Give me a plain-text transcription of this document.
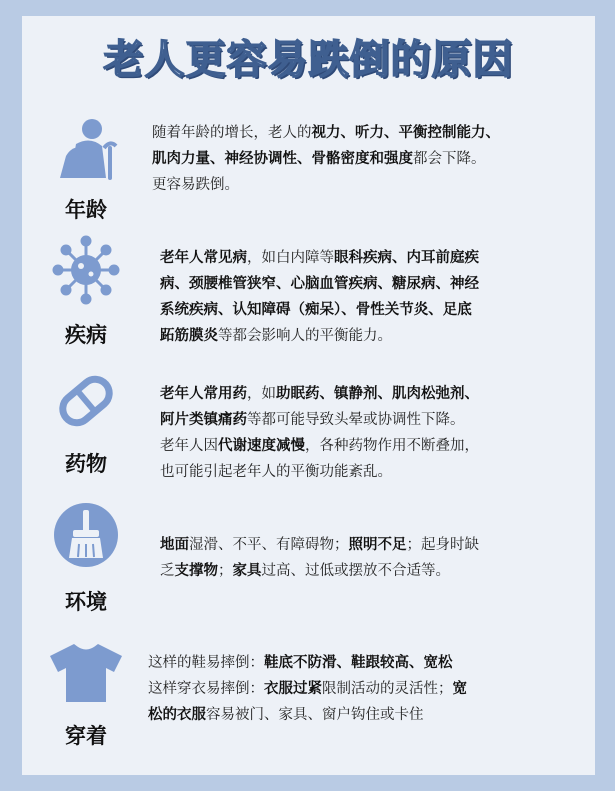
老人更容易跌倒的原因
年龄
随着年龄的增长，老人的视力、听力、平衡控制能力、
肌肉力量、神经协调性、骨骼密度和强度都会下降。
更容易跌倒。
疾病
老年人常见病，如白内障等眼科疾病、内耳前庭疾
病、颈腰椎管狭窄、心脑血管疾病、糖尿病、神经
系统疾病、认知障碍（痴呆）、骨性关节炎、足底
跖筋膜炎等都会影响人的平衡能力。
药物
老年人常用药，如助眠药、镇静剂、肌肉松弛剂、
阿片类镇痛药等都可能导致头晕或协调性下降。
老年人因代谢速度减慢，各种药物作用不断叠加，
也可能引起老年人的平衡功能紊乱。
环境
地面湿滑、不平、有障碍物；照明不足；起身时缺
乏支撑物；家具过高、过低或摆放不合适等。
穿着
这样的鞋易摔倒：鞋底不防滑、鞋跟较高、宽松
这样穿衣易摔倒：衣服过紧限制活动的灵活性；宽
松的衣服容易被门、家具、窗户钩住或卡住
